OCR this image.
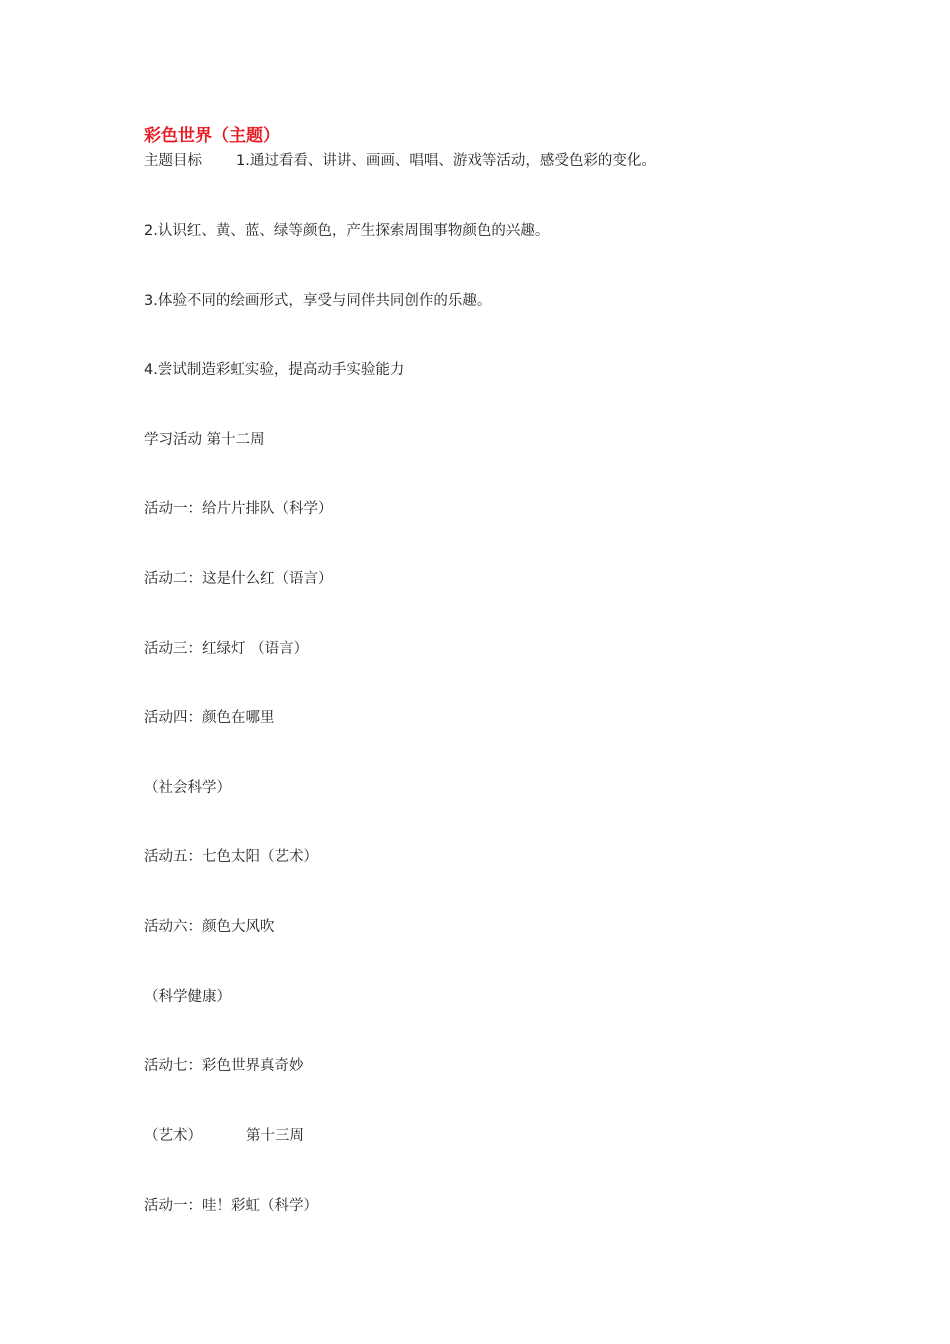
彩色世界（主题）
主题目标 1.通过看看、讲讲、画画、唱唱、游戏等活动，感受色彩的变化。
2.认识红、黄、蓝、绿等颜色，产生探索周围事物颜色的兴趣。
3.体验不同的绘画形式，享受与同伴共同创作的乐趣。
4.尝试制造彩虹实验，提高动手实验能力
学习活动 第十二周
活动一：给片片排队（科学）
活动二：这是什么红（语言）
活动三：红绿灯 （语言）
活动四：颜色在哪里
（社会科学）
活动五：七色太阳（艺术）
活动六：颜色大风吹
（科学健康）
活动七：彩色世界真奇妙
（艺术）	第十三周
活动一：哇！彩虹（科学）
